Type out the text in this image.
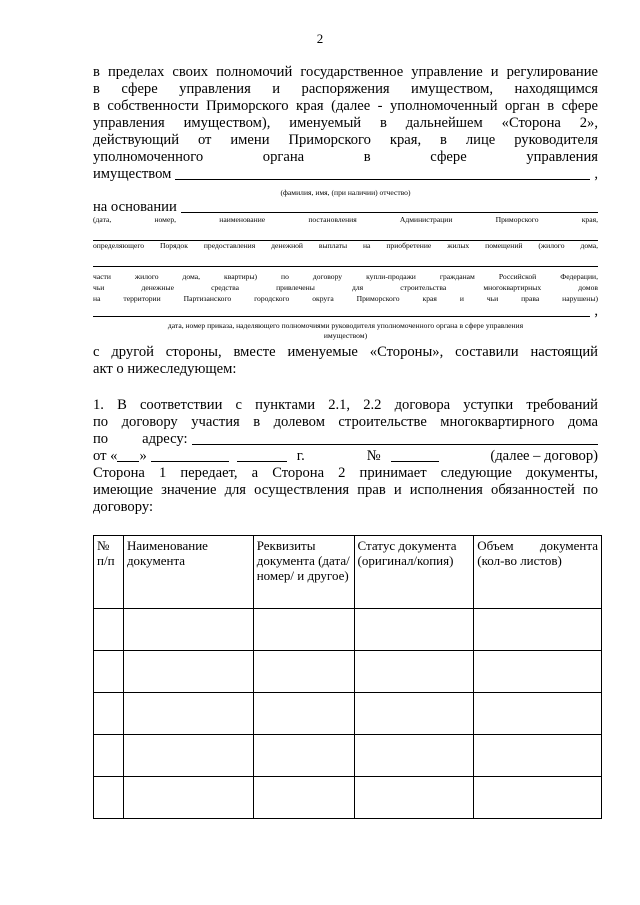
2
в пределах своих полномочий государственное управление и регулирование
в сфере управления и распоряжения имуществом, находящимся
в собственности Приморского края (далее - уполномоченный орган в сфере
управления имуществом), именуемый в дальнейшем «Сторона 2»,
действующий от имени Приморского края, в лице руководителя
уполномоченного органа в сфере управления
имуществом	,
(фамилия, имя, (при наличии) отчество)
на основании
(дата, номер, наименование постановления Администрации Приморского края,
определяющего Порядок предоставления денежной выплаты на приобретение жилых помещений (жилого дома,
части жилого дома, квартиры) по договору купли-продажи гражданам Российской Федерации,
чьи денежные средства привлечены для строительства многоквартирных домов
на территории Партизанского городского округа Приморского края и чьи права нарушены)
,
дата, номер приказа, наделяющего полномочиями руководителя уполномоченного органа в сфере управления
имуществом)
с другой стороны, вместе именуемые «Стороны», составили настоящий
акт о нижеследующем:
1. В соответствии с пунктами 2.1, 2.2 договора уступки требований
по договору участия в долевом строительстве многоквартирного дома
по адресу:
от « »	г.	№	(далее – договор)
Сторона 1 передает, а Сторона 2 принимает следующие документы,
имеющие значение для осуществления прав и исполнения обязанностей по
договору:
№ п/п	Наименование документа	Реквизиты документа (дата/номер/ и другое)	Статус документа (оригинал/копия)	Объем документа (кол-во листов)
